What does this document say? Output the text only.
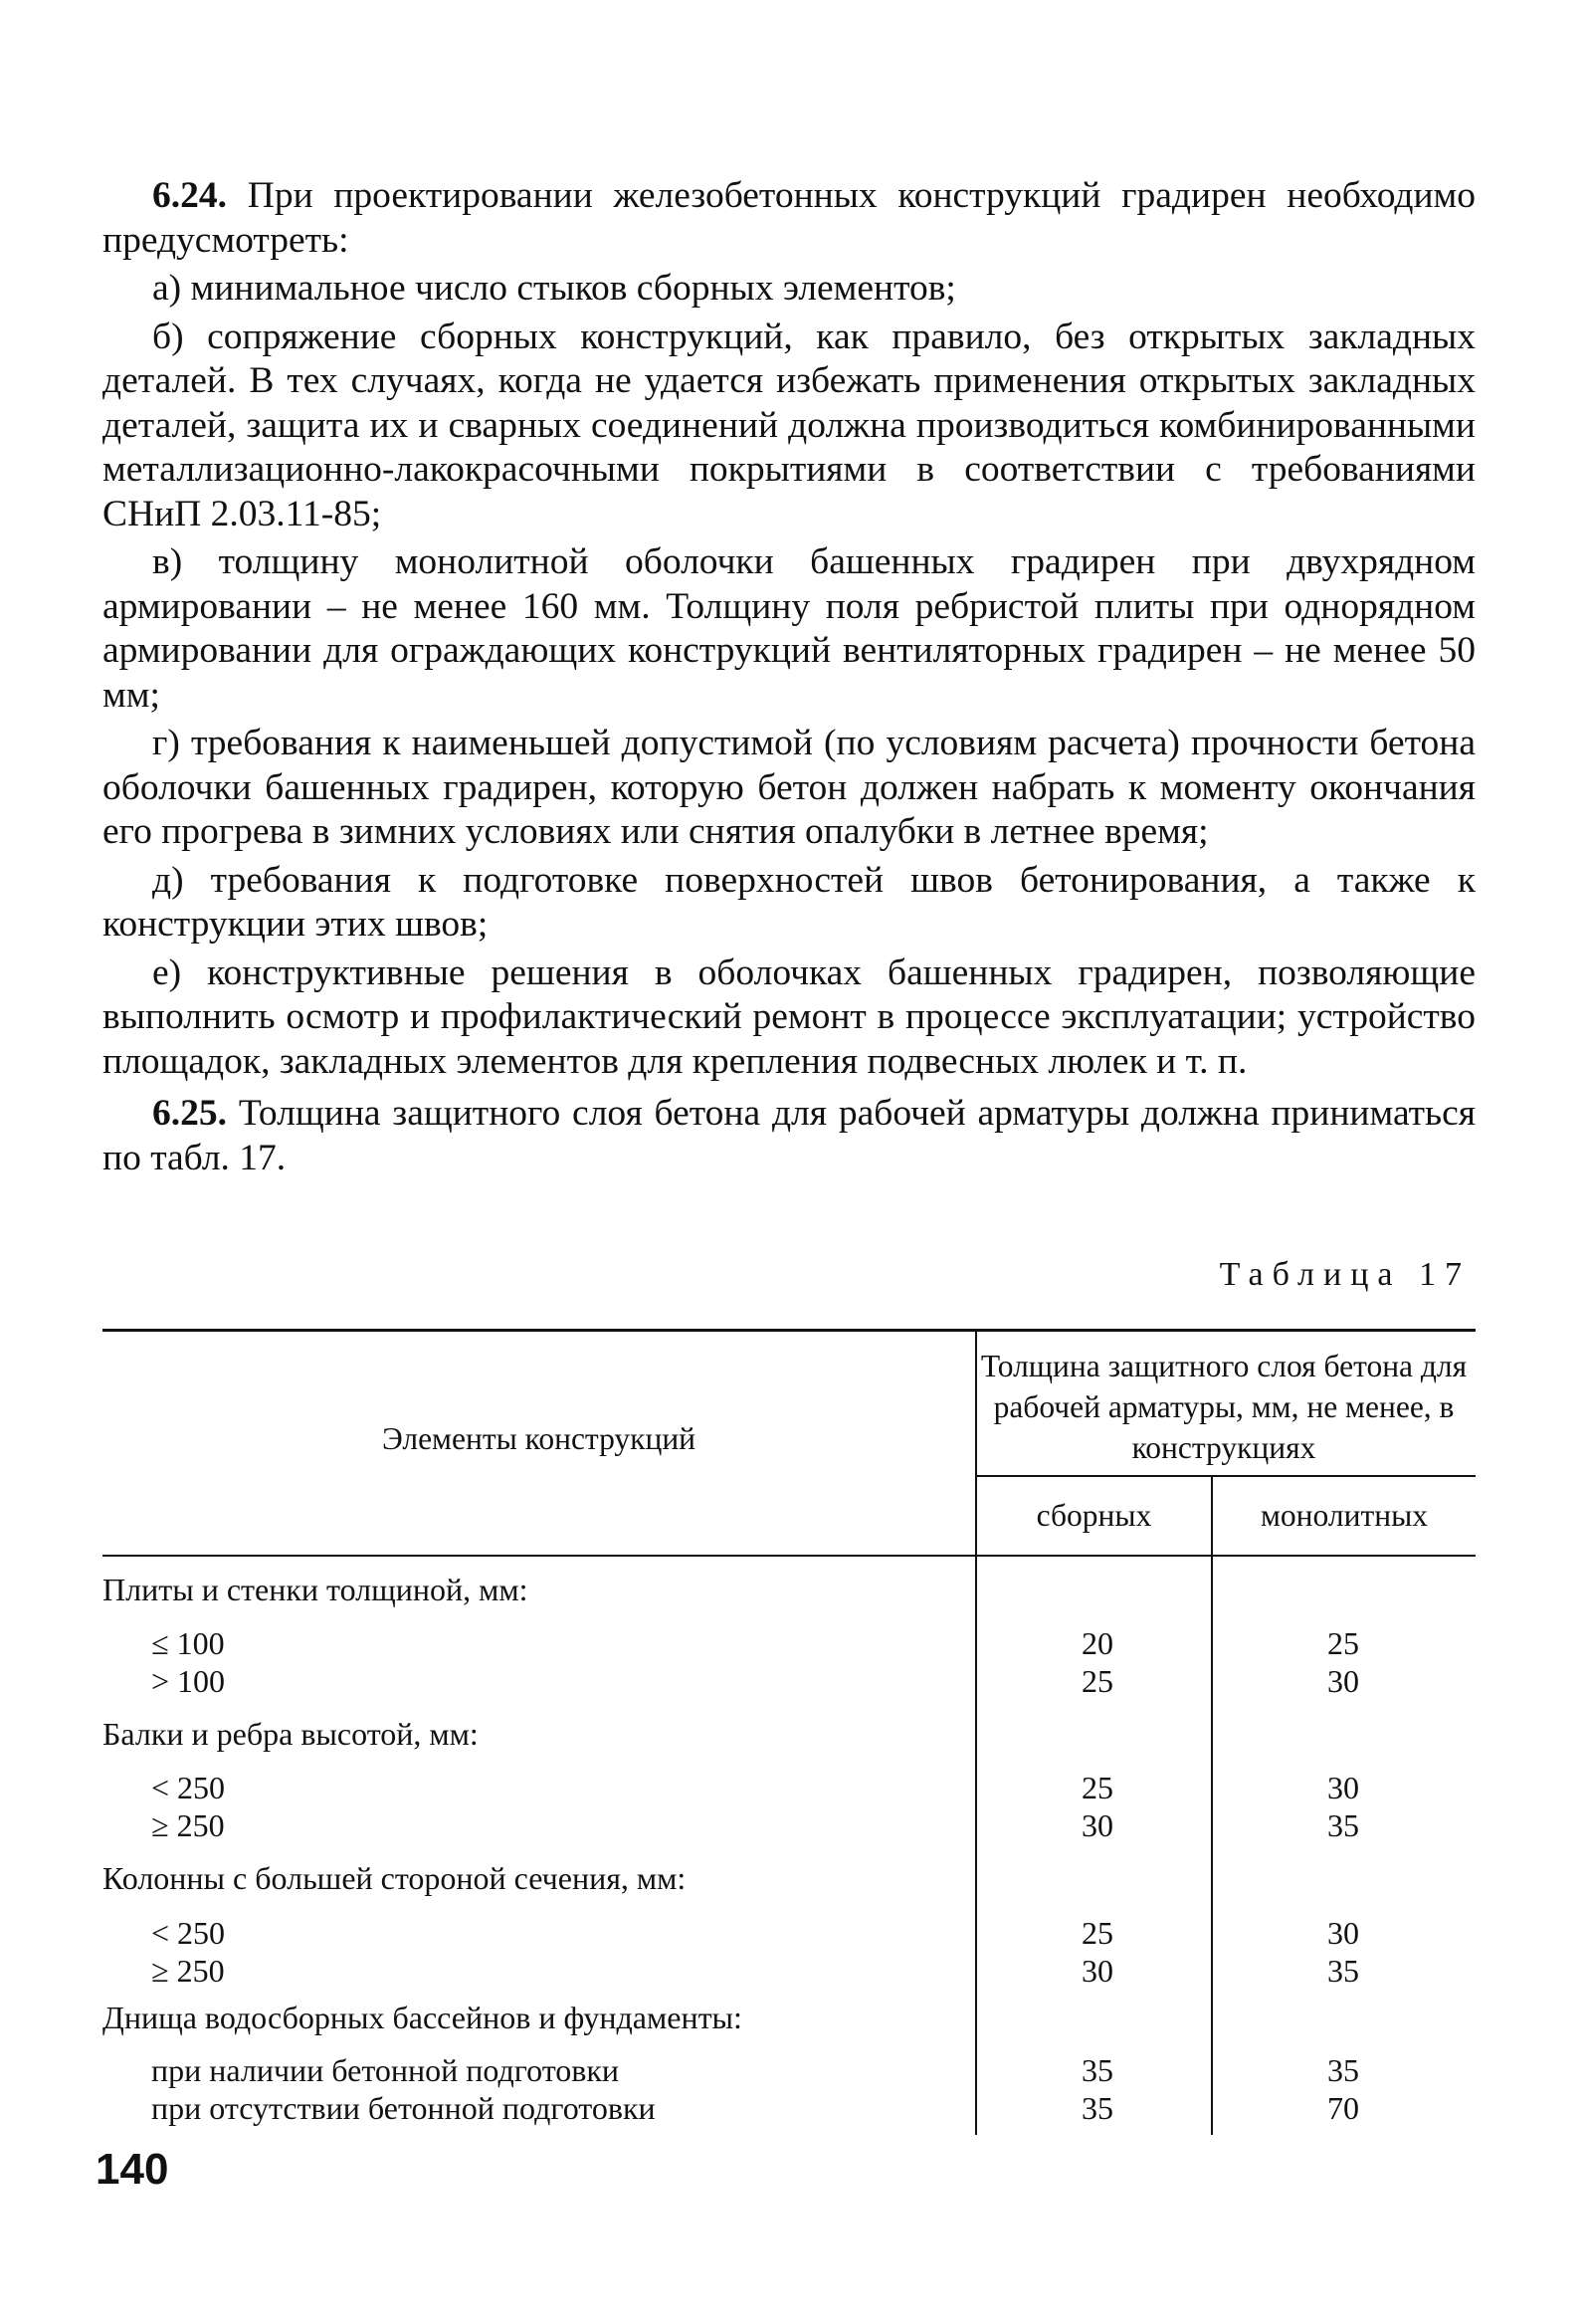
6.24. При проектировании железобетонных конструкций градирен необходимо предусмотреть:

а) минимальное число стыков сборных элементов;

б) сопряжение сборных конструкций, как правило, без открытых закладных деталей. В тех случаях, когда не удается избежать применения открытых закладных деталей, защита их и сварных соединений должна производиться комбинированными металлизационно-лакокрасочными покрытиями в соответствии с требованиями СНиП 2.03.11-85;

в) толщину монолитной оболочки башенных градирен при двухрядном армировании – не менее 160 мм. Толщину поля ребристой плиты при однорядном армировании для ограждающих конструкций вентиляторных градирен – не менее 50 мм;

г) требования к наименьшей допустимой (по условиям расчета) прочности бетона оболочки башенных градирен, которую бетон должен набрать к моменту окончания его прогрева в зимних условиях или снятия опалубки в летнее время;

д) требования к подготовке поверхностей швов бетонирования, а также к конструкции этих швов;

е) конструктивные решения в оболочках башенных градирен, позволяющие выполнить осмотр и профилактический ремонт в процессе эксплуатации; устройство площадок, закладных элементов для крепления подвесных люлек и т. п.

6.25. Толщина защитного слоя бетона для рабочей арматуры должна приниматься по табл. 17.

Таблица 17
Элементы конструкций
Толщина защитного слоя бетона для рабочей арматуры, мм, не менее, в конструкциях
сборных	монолитных
Плиты и стенки толщиной, мм:
≤ 100	20	25
> 100	25	30
Балки и ребра высотой, мм:
< 250	25	30
≥ 250	30	35
Колонны с большей стороной сечения, мм:
< 250	25	30
≥ 250	30	35
Днища водосборных бассейнов и фундаменты:
при наличии бетонной подготовки	35	35
при отсутствии бетонной подготовки	35	70
140
